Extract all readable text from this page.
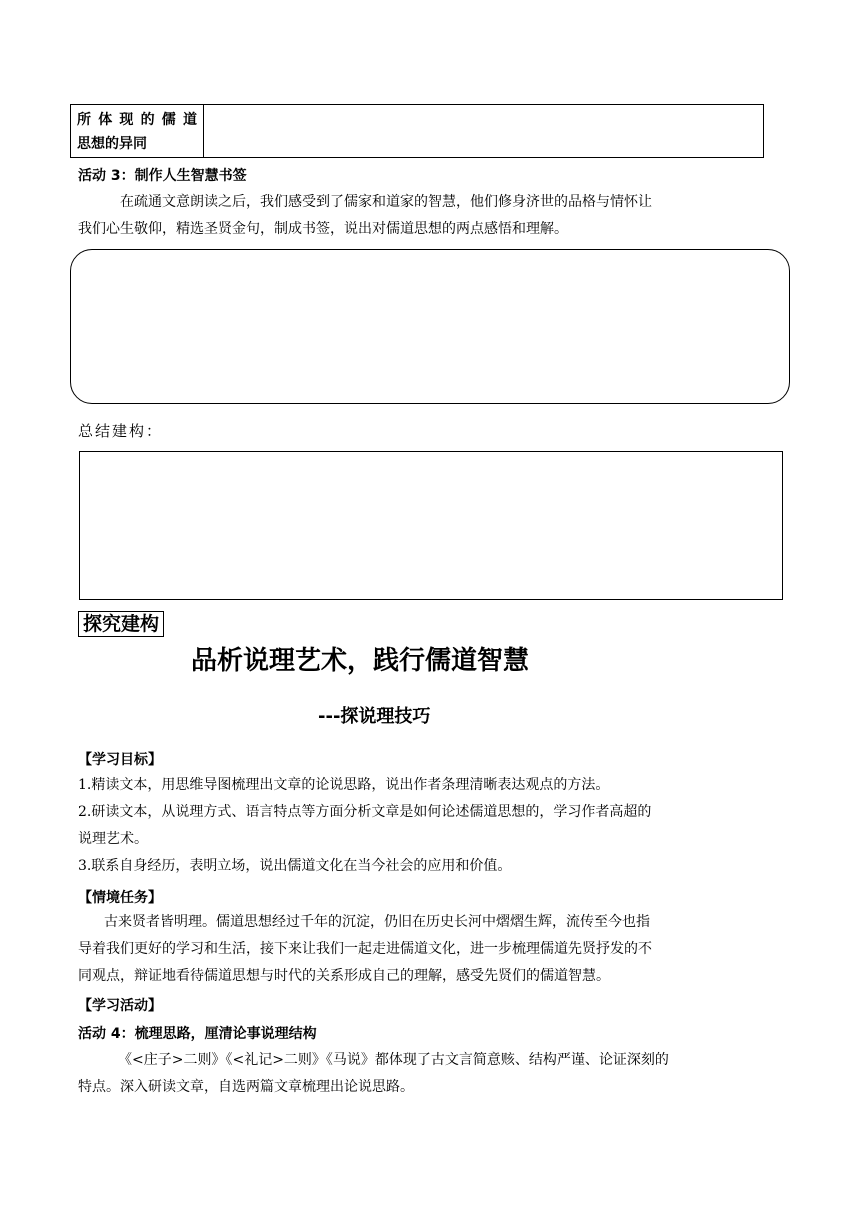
所体现的儒道
思想的异同
活动 3：制作人生智慧书签

在疏通文意朗读之后，我们感受到了儒家和道家的智慧，他们修身济世的品格与情怀让

我们心生敬仰，精选圣贤金句，制成书签，说出对儒道思想的两点感悟和理解。

总结建构：
探究建构
品析说理艺术，践行儒道智慧
---探说理技巧
【学习目标】

1.精读文本，用思维导图梳理出文章的论说思路，说出作者条理清晰表达观点的方法。

2.研读文本，从说理方式、语言特点等方面分析文章是如何论述儒道思想的，学习作者高超的

说理艺术。

3.联系自身经历，表明立场，说出儒道文化在当今社会的应用和价值。

【情境任务】

古来贤者皆明理。儒道思想经过千年的沉淀，仍旧在历史长河中熠熠生辉，流传至今也指

导着我们更好的学习和生活，接下来让我们一起走进儒道文化，进一步梳理儒道先贤抒发的不

同观点，辩证地看待儒道思想与时代的关系形成自己的理解，感受先贤们的儒道智慧。

【学习活动】
活动 4：梳理思路，厘清论事说理结构

《<庄子>二则》《<礼记>二则》《马说》都体现了古文言简意赅、结构严谨、论证深刻的

特点。深入研读文章，自选两篇文章梳理出论说思路。
